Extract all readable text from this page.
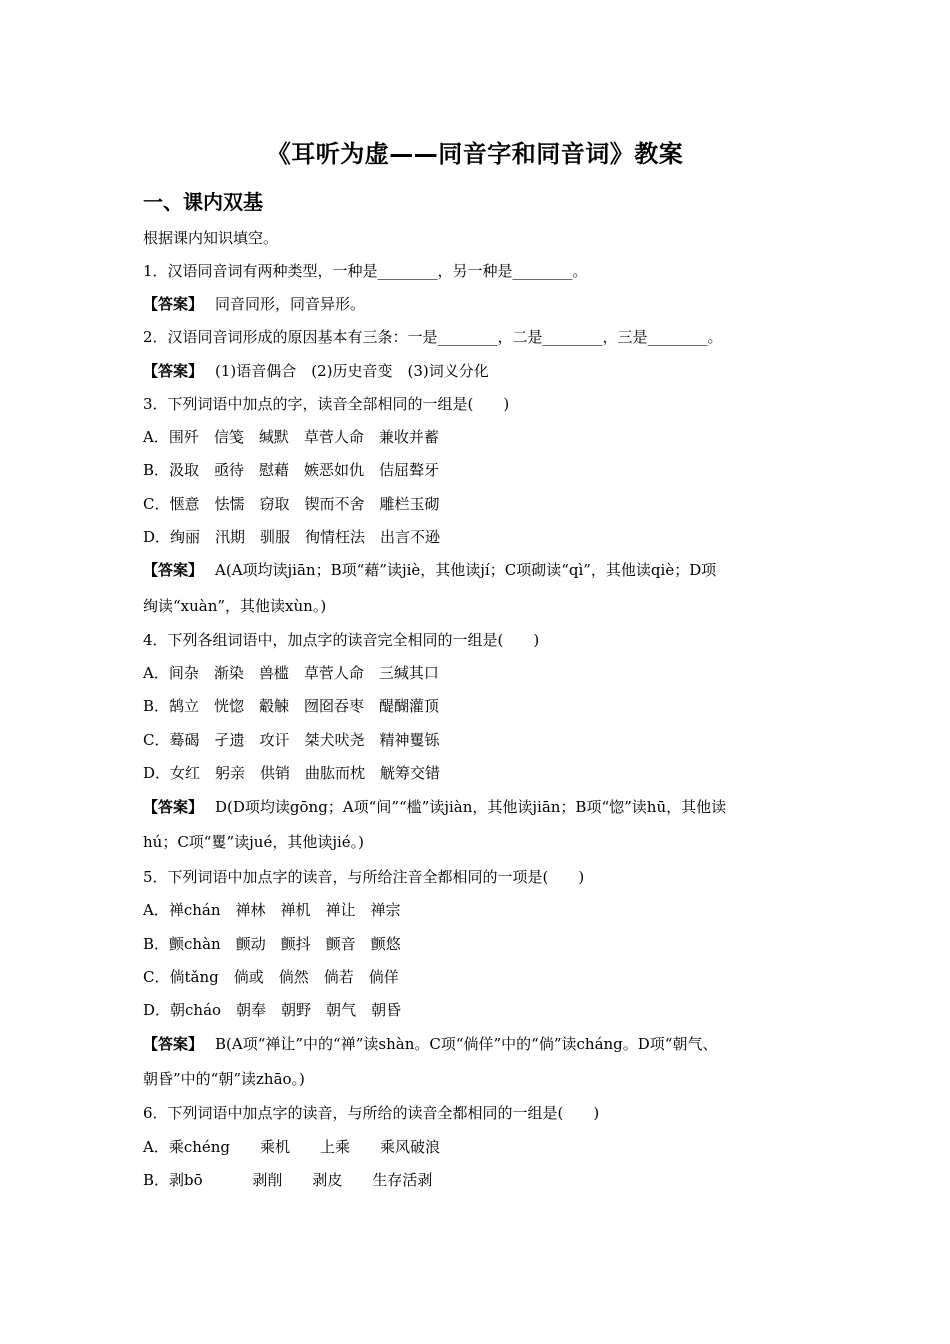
《耳听为虚——同音字和同音词》教案
一、课内双基
根据课内知识填空。
1．汉语同音词有两种类型，一种是________，另一种是________。
【答案】 同音同形，同音异形。
2．汉语同音词形成的原因基本有三条：一是________，二是________，三是________。
【答案】 (1)语音偶合　(2)历史音变　(3)词义分化
3．下列词语中加点的字，读音全部相同的一组是(　　)
A．围歼　信笺　缄默　草菅人命　兼收并蓄
B．汲取　亟待　慰藉　嫉恶如仇　佶屈聱牙
C．惬意　怯懦　窃取　锲而不舍　雕栏玉砌
D．绚丽　汛期　驯服　徇情枉法　出言不逊
【答案】 A(A项均读jiān；B项“藉”读jiè，其他读jí；C项砌读“qì”，其他读qiè；D项
绚读“xuàn”，其他读xùn。)
4．下列各组词语中，加点字的读音完全相同的一组是(　　)
A．间杂　渐染　兽槛　草菅人命　三缄其口
B．鹄立　恍惚　觳觫　囫囵吞枣　醍醐灌顶
C．蓦碣　孑遗　攻讦　桀犬吠尧　精神矍铄
D．女红　躬亲　供销　曲肱而枕　觥筹交错
【答案】 D(D项均读gōng；A项“间”“槛”读jiàn，其他读jiān；B项“惚”读hū，其他读
hú；C项“矍”读jué，其他读jié。)
5．下列词语中加点字的读音，与所给注音全都相同的一项是(　　)
A．禅chán　禅林　禅机　禅让　禅宗
B．颤chàn　颤动　颤抖　颤音　颤悠
C．倘tǎng　倘或　倘然　倘若　倘佯
D．朝cháo　朝奉　朝野　朝气　朝昏
【答案】 B(A项“禅让”中的“禅”读shàn。C项“倘佯”中的“倘”读cháng。D项“朝气、
朝昏”中的“朝”读zhāo。)
6．下列词语中加点字的读音，与所给的读音全都相同的一组是(　　)
A．乘chéng　　乘机　　上乘　　乘风破浪
B．剥bō　　　 剥削　　剥皮　　生存活剥
